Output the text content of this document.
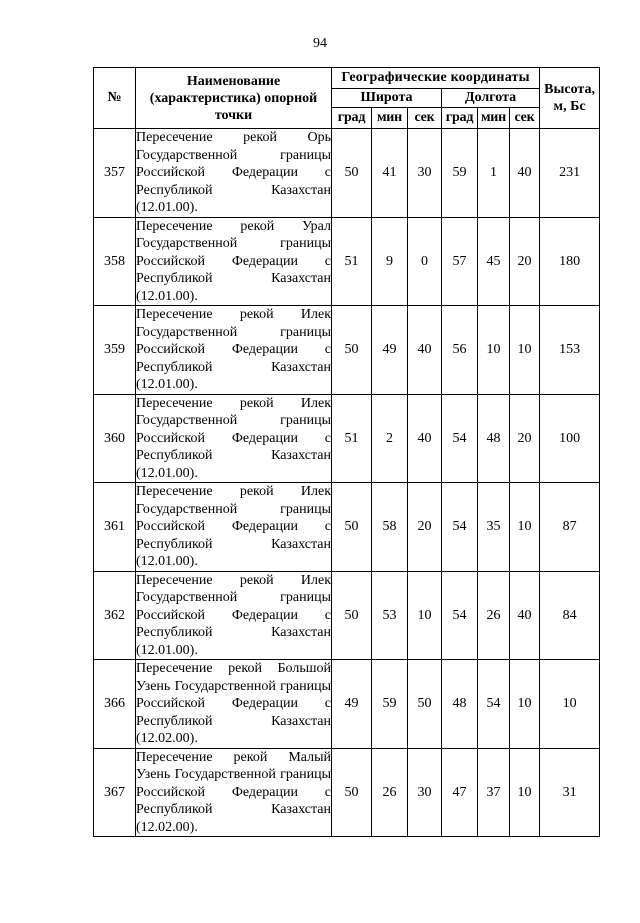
94
№	Наименование (характеристика) опорной точки	Географические координаты						Высота, м, Бс
		Широта			Долгота			
		град	мин	сек	град	мин	сек	
357	Пересечение рекой Орь Государственной границы Российской Федерации с Республикой Казахстан (12.01.00).	50	41	30	59	1	40	231
358	Пересечение рекой Урал Государственной границы Российской Федерации с Республикой Казахстан (12.01.00).	51	9	0	57	45	20	180
359	Пересечение рекой Илек Государственной границы Российской Федерации с Республикой Казахстан (12.01.00).	50	49	40	56	10	10	153
360	Пересечение рекой Илек Государственной границы Российской Федерации с Республикой Казахстан (12.01.00).	51	2	40	54	48	20	100
361	Пересечение рекой Илек Государственной границы Российской Федерации с Республикой Казахстан (12.01.00).	50	58	20	54	35	10	87
362	Пересечение рекой Илек Государственной границы Российской Федерации с Республикой Казахстан (12.01.00).	50	53	10	54	26	40	84
366	Пересечение рекой Большой Узень Государственной границы Российской Федерации с Республикой Казахстан (12.02.00).	49	59	50	48	54	10	10
367	Пересечение рекой Малый Узень Государственной границы Российской Федерации с Республикой Казахстан (12.02.00).	50	26	30	47	37	10	31
